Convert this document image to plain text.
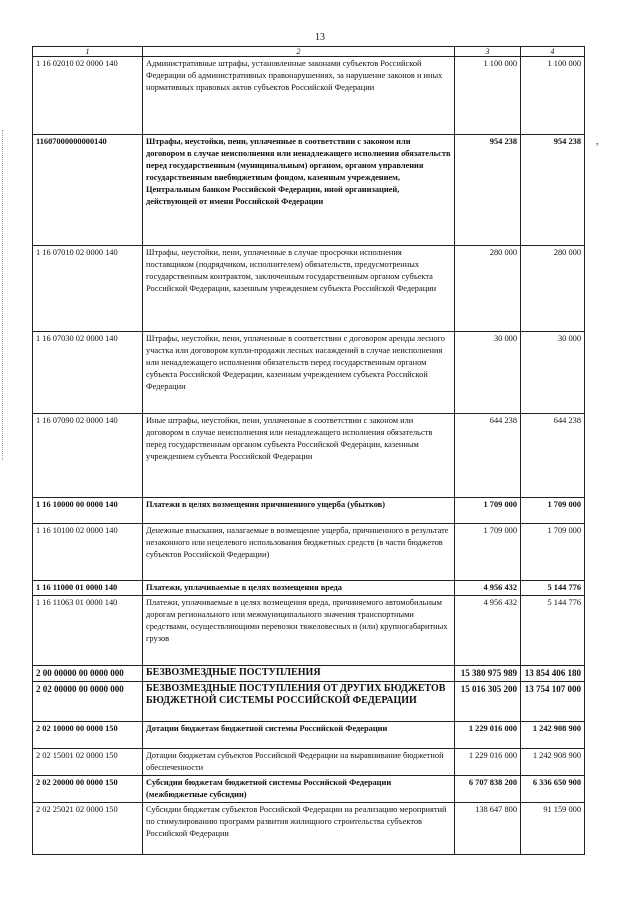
13
,
1	2	3	4
1 16 02010 02 0000 140	Административные штрафы, установленные законами субъектов Российской Федерации об административных правонарушениях, за нарушение законов и иных нормативных правовых актов субъектов Российской Федерации	1 100 000	1 100 000
11607000000000140	Штрафы, неустойки, пени, уплаченные в соответствии с законом или договором в случае неисполнения или ненадлежащего исполнения обязательств перед государственным (муниципальным) органом, органом управления государственным внебюджетным фондом, казенным учреждением, Центральным банком Российской Федерации, иной организацией, действующей от имени Российской Федерации	954 238	954 238
1 16 07010 02 0000 140	Штрафы, неустойки, пени, уплаченные в случае просрочки исполнения поставщиком (подрядчиком, исполнителем) обязательств, предусмотренных государственным контрактом, заключенным государственным органом субъекта Российской Федерации, казенным учреждением субъекта Российской Федерации	280 000	280 000
1 16 07030 02 0000 140	Штрафы, неустойки, пени, уплаченные в соответствии с договором аренды лесного участка или договором купли-продажи лесных насаждений в случае неисполнения или ненадлежащего исполнения обязательств перед государственным органом субъекта Российской Федерации, казенным учреждением субъекта Российской Федерации	30 000	30 000
1 16 07090 02 0000 140	Иные штрафы, неустойки, пени, уплаченные в соответствии с законом или договором в случае неисполнения или ненадлежащего исполнения обязательств перед государственным органом субъекта Российской Федерации, казенным учреждением субъекта Российской Федерации	644 238	644 238
1 16 10000 00 0000 140	Платежи в целях возмещения причиненного ущерба (убытков)	1 709 000	1 709 000
1 16 10100 02 0000 140	Денежные взыскания, налагаемые в возмещение ущерба, причиненного в результате незаконного или нецелевого использования бюджетных средств (в части бюджетов субъектов Российской Федерации)	1 709 000	1 709 000
1 16 11000 01 0000 140	Платежи, уплачиваемые в целях возмещения вреда	4 956 432	5 144 776
1 16 11063 01 0000 140	Платежи, уплачиваемые в целях возмещения вреда, причиняемого автомобильным дорогам регионального или межмуниципального значения транспортными средствами, осуществляющими перевозки тяжеловесных и (или) крупногабаритных грузов	4 956 432	5 144 776
2 00 00000 00 0000 000	БЕЗВОЗМЕЗДНЫЕ ПОСТУПЛЕНИЯ	15 380 975 989	13 854 406 180
2 02 00000 00 0000 000	БЕЗВОЗМЕЗДНЫЕ ПОСТУПЛЕНИЯ ОТ ДРУГИХ БЮДЖЕТОВ БЮДЖЕТНОЙ СИСТЕМЫ РОССИЙСКОЙ ФЕДЕРАЦИИ	15 016 305 200	13 754 107 000
2 02 10000 00 0000 150	Дотации бюджетам бюджетной системы Российской Федерации	1 229 016 000	1 242 908 900
2 02 15001 02 0000 150	Дотации бюджетам субъектов Российской Федерации на выравнивание бюджетной обеспеченности	1 229 016 000	1 242 908 900
2 02 20000 00 0000 150	Субсидии бюджетам бюджетной системы Российской Федерации (межбюджетные субсидии)	6 707 838 200	6 336 650 900
2 02 25021 02 0000 150	Субсидии бюджетам субъектов Российской Федерации на реализацию мероприятий по стимулированию программ развития жилищного строительства субъектов Российской Федерации	138 647 800	91 159 000
